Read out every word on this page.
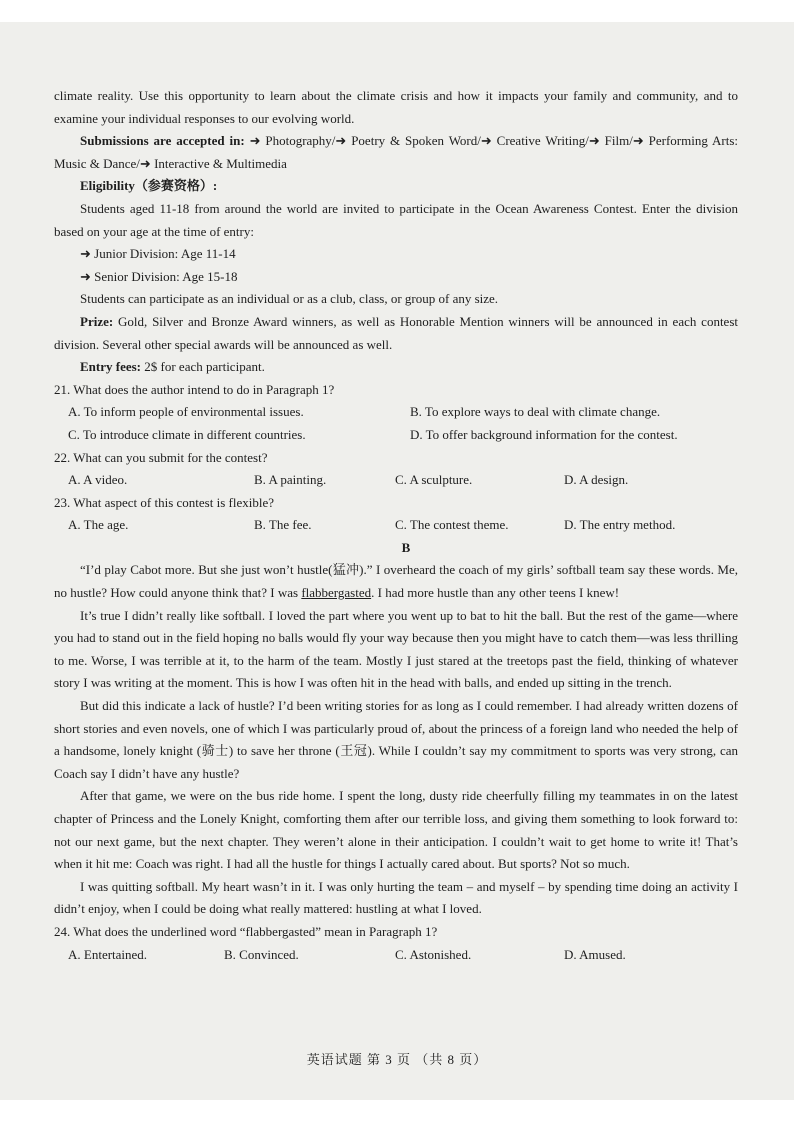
climate reality. Use this opportunity to learn about the climate crisis and how it impacts your family and community, and to examine your individual responses to our evolving world.

Submissions are accepted in: ➜ Photography/➜ Poetry & Spoken Word/➜ Creative Writing/➜ Film/➜ Performing Arts: Music & Dance/➜ Interactive & Multimedia

Eligibility（参赛资格）:

Students aged 11-18 from around the world are invited to participate in the Ocean Awareness Contest. Enter the division based on your age at the time of entry:

➜ Junior Division: Age 11-14

➜ Senior Division: Age 15-18

Students can participate as an individual or as a club, class, or group of any size.

Prize: Gold, Silver and Bronze Award winners, as well as Honorable Mention winners will be announced in each contest division. Several other special awards will be announced as well.

Entry fees: 2$ for each participant.

21. What does the author intend to do in Paragraph 1?

A. To inform people of environmental issues.	B. To explore ways to deal with climate change.
C. To introduce climate in different countries.	D. To offer background information for the contest.

22. What can you submit for the contest?

A. A video.	B. A painting.	C. A sculpture.	D. A design.

23. What aspect of this contest is flexible?

A. The age.	B. The fee.	C. The contest theme.	D. The entry method.

B

“I’d play Cabot more. But she just won’t hustle(猛冲).” I overheard the coach of my girls’ softball team say these words. Me, no hustle? How could anyone think that? I was flabbergasted. I had more hustle than any other teens I knew!

It’s true I didn’t really like softball. I loved the part where you went up to bat to hit the ball. But the rest of the game—where you had to stand out in the field hoping no balls would fly your way because then you might have to catch them—was less thrilling to me. Worse, I was terrible at it, to the harm of the team. Mostly I just stared at the treetops past the field, thinking of whatever story I was writing at the moment. This is how I was often hit in the head with balls, and ended up sitting in the trench.

But did this indicate a lack of hustle? I’d been writing stories for as long as I could remember. I had already written dozens of short stories and even novels, one of which I was particularly proud of, about the princess of a foreign land who needed the help of a handsome, lonely knight (骑士) to save her throne (王冠). While I couldn’t say my commitment to sports was very strong, can Coach say I didn’t have any hustle?

After that game, we were on the bus ride home. I spent the long, dusty ride cheerfully filling my teammates in on the latest chapter of Princess and the Lonely Knight, comforting them after our terrible loss, and giving them something to look forward to: not our next game, but the next chapter. They weren’t alone in their anticipation. I couldn’t wait to get home to write it! That’s when it hit me: Coach was right. I had all the hustle for things I actually cared about. But sports? Not so much.

I was quitting softball. My heart wasn’t in it. I was only hurting the team – and myself – by spending time doing an activity I didn’t enjoy, when I could be doing what really mattered: hustling at what I loved.

24. What does the underlined word “flabbergasted” mean in Paragraph 1?

A. Entertained.	B. Convinced.	C. Astonished.	D. Amused.
英语试题 第 3 页 （共 8 页）
